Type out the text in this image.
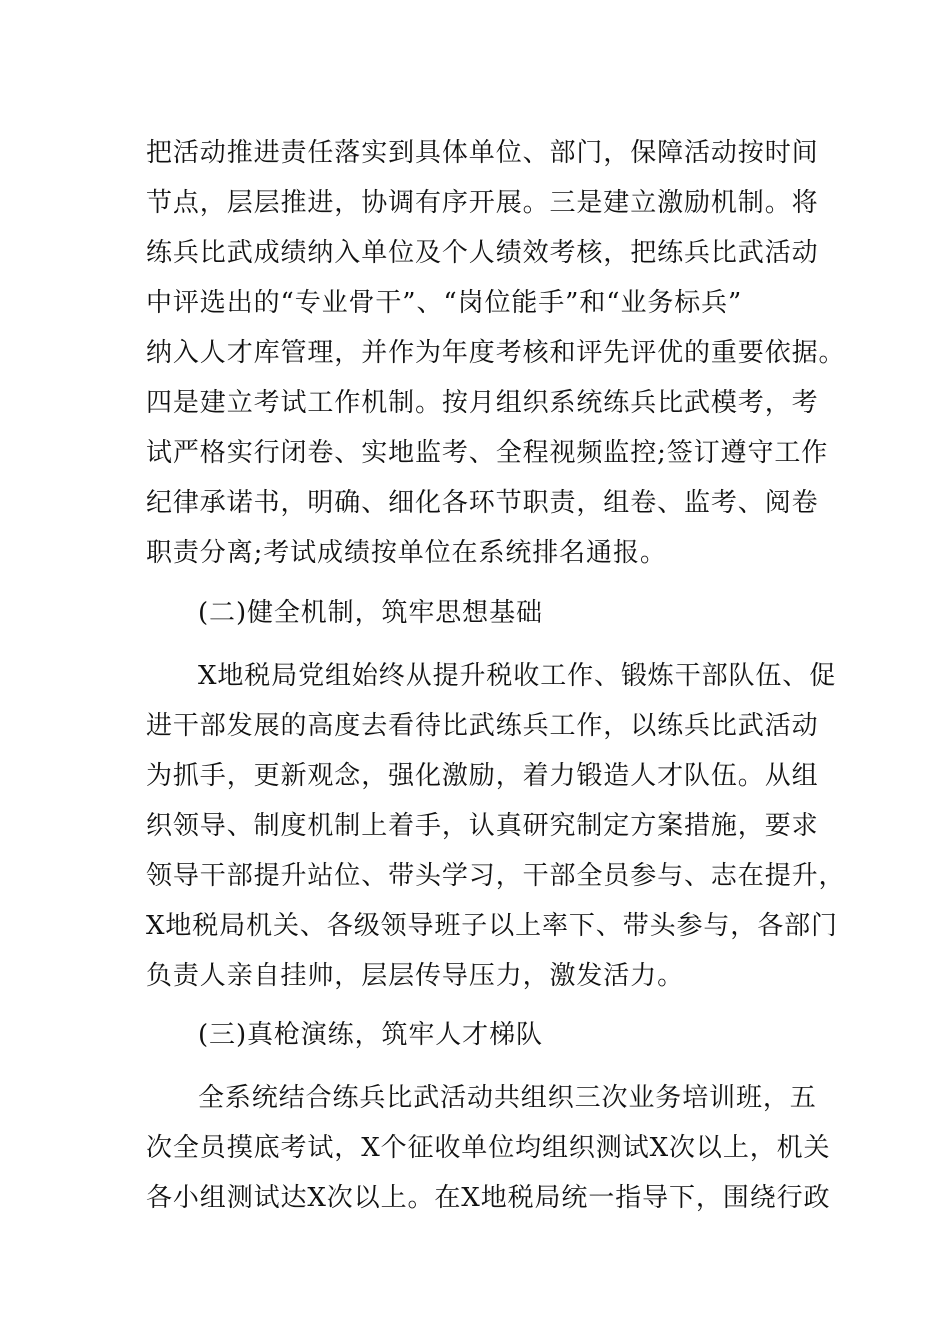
把活动推进责任落实到具体单位、部门，保障活动按时间
节点，层层推进，协调有序开展。三是建立激励机制。将
练兵比武成绩纳入单位及个人绩效考核，把练兵比武活动
中评选出的“专业骨干”、“岗位能手”和“业务标兵”
纳入人才库管理，并作为年度考核和评先评优的重要依据。
四是建立考试工作机制。按月组织系统练兵比武模考，考
试严格实行闭卷、实地监考、全程视频监控;签订遵守工作
纪律承诺书，明确、细化各环节职责，组卷、监考、阅卷
职责分离;考试成绩按单位在系统排名通报。
(二)健全机制，筑牢思想基础
X地税局党组始终从提升税收工作、锻炼干部队伍、促
进干部发展的高度去看待比武练兵工作，以练兵比武活动
为抓手，更新观念，强化激励，着力锻造人才队伍。从组
织领导、制度机制上着手，认真研究制定方案措施，要求
领导干部提升站位、带头学习，干部全员参与、志在提升，
X地税局机关、各级领导班子以上率下、带头参与，各部门
负责人亲自挂帅，层层传导压力，激发活力。
(三)真枪演练，筑牢人才梯队
全系统结合练兵比武活动共组织三次业务培训班，五
次全员摸底考试，X个征收单位均组织测试X次以上，机关
各小组测试达X次以上。在X地税局统一指导下，围绕行政
